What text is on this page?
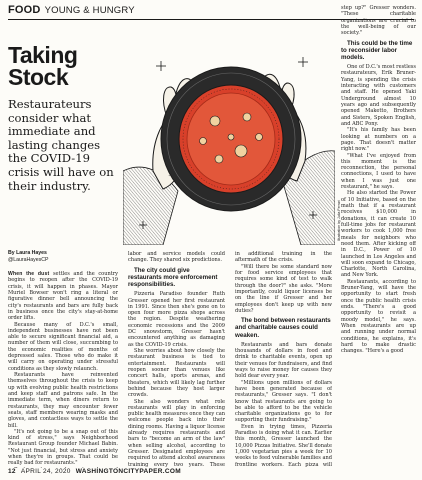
FOOD YOUNG & HUNGRY
Taking
Stock
Restaurateurs consider what immediate and lasting changes the COVID-19 crisis will have on their industry.
By Laura Hayes
@LauraHayesCP
Illustration by Julia Ferrari

When the dust settles and the country begins to reopen after the COVID-19 crisis, it will happen in phases. Mayor Muriel Bowser won't ring a literal or figurative dinner bell announcing the city's restaurants and bars are fully back in business once the city's stay-at-home order lifts.

Because many of D.C.'s small, independent businesses have not been able to secure significant financial aid, a number of them will close, succumbing to the economic realities of months of depressed sales. Those who do make it will carry on operating under stressful conditions as they slowly relaunch.

Restaurants have reinvented themselves throughout the crisis to keep up with evolving public health restrictions and keep staff and patrons safe. In the immediate term, when diners return to restaurants, they may encounter fewer seats, staff members wearing masks and gloves, and contactless ways to settle the bill.

"It's not going to be a snap out of this kind of stress," says Neighborhood Restaurant Group founder Michael Babin. "Not just financial, but stress and anxiety when they're in groups. That could be really bad for restaurants."

labor and service models could change. They shared six predictions.

The city could give restaurants more enforcement responsibilities.

Pizzeria Paradiso founder Ruth Gresser opened her first restaurant in 1991. Since then she's gone on to open four more pizza shops across the region. Despite weathering economic recessions and the 2009 DC snowstorm, Gresser hasn't encountered anything as damaging as the COVID-19 crisis.

She worries about how closely the restaurant business is tied to entertainment. Restaurants will reopen sooner than venues like concert halls, sports arenas, and theaters, which will likely lag further behind because they host larger crowds.

She also wonders what role restaurants will play in enforcing public health measures once they can welcome people back into their dining rooms. Having a liquor license already requires restaurants and bars to "become an arm of the law" when selling alcohol, according to Gresser. Designated employees are required to attend alcohol awareness training every two years. These

in additional training in the aftermath of the crisis.

"Will there be some standard now for food service employees that requires some kind of test to walk through the door?" she asks. "More importantly, could liquor licenses be on the line if Gresser and her employees don't keep up with new duties?

The bond between restaurants and charitable causes could weaken.

Restaurants and bars donate thousands of dollars in food and drink to charitable events, open up their venues for fundraisers, and find ways to raise money for causes they hold dear every year.

"Millions upon millions of dollars have been generated because of restaurants," Gresser says. "I don't know that restaurants are going to be able to afford to be the vehicle charitable organizations go to for supporting their fundraising."

Even in trying times, Pizzeria Paradiso is doing what it can. Earlier this month, Gresser launched the 10,000 Pizzas Initiative. She'll donate 1,000 vegetarian pies a week for 10 weeks to feed vulnerable families and frontline workers. Each pizza will

step up?" Gresser wonders. "These charitable organizations are crucial to the well-being of our society."

This could be the time to reconsider labor models.

One of D.C.'s most restless restaurateurs, Erik Bruner-Yang, is spending the crisis interacting with customers and staff. He opened Yaki Underground almost 10 years ago and subsequently opened Maketto, Brothers and Sisters, Spoken English, and ABC Pony.

"It's his family has been looking at numbers on a page. That doesn't matter right now."

"What I've enjoyed from this moment is the reconnection, the personal connections, I used to have when I was just one restaurant," he says.

He also started the Power of 10 Initiative, based on the math that if a restaurant receives $10,000 in donations, it can create 10 full-time jobs for restaurant workers to cook 1,000 free meals for neighbors who need them. After kicking off in D.C., Power of 10 launched in Los Angeles and will soon expand to Chicago, Charlotte, North Carolina, and New York.

Restaurants, according to Bruner-Yang, will have the opportunity to start fresh once the public health crisis ends. "There's a good opportunity to revisit a moody model," he says. When restaurants are up and running under normal conditions, he explains, it's hard to make drastic changes. "Here's a good

12 APRIL 24, 2020 WASHINGTONCITYPAPER.COM
